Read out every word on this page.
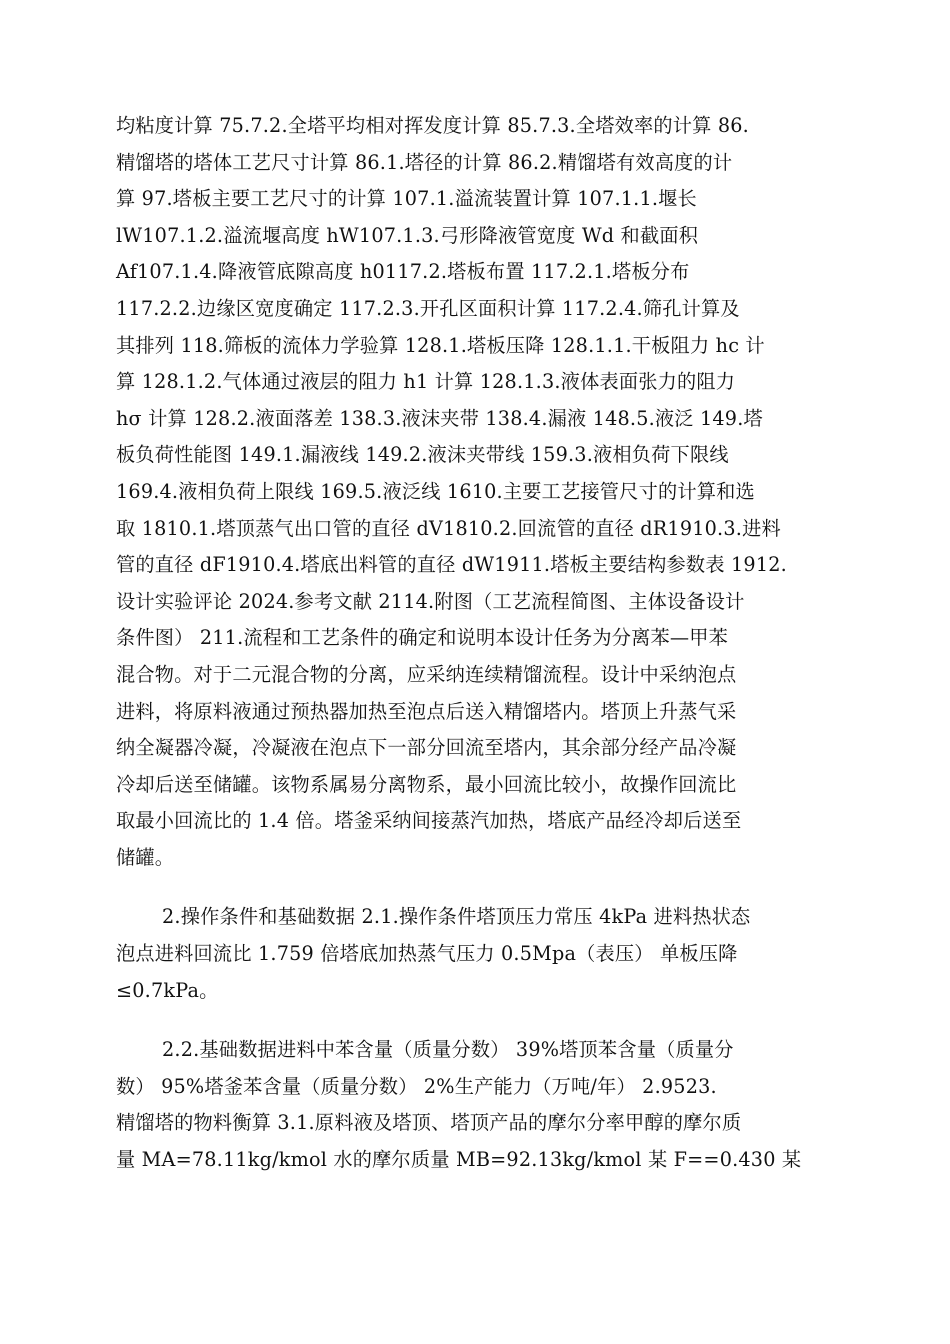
均粘度计算 75.7.2.全塔平均相对挥发度计算 85.7.3.全塔效率的计算 86.
精馏塔的塔体工艺尺寸计算 86.1.塔径的计算 86.2.精馏塔有效高度的计
算 97.塔板主要工艺尺寸的计算 107.1.溢流装置计算 107.1.1.堰长
lW107.1.2.溢流堰高度 hW107.1.3.弓形降液管宽度 Wd 和截面积
Af107.1.4.降液管底隙高度 h0117.2.塔板布置 117.2.1.塔板分布
117.2.2.边缘区宽度确定 117.2.3.开孔区面积计算 117.2.4.筛孔计算及
其排列 118.筛板的流体力学验算 128.1.塔板压降 128.1.1.干板阻力 hc 计
算 128.1.2.气体通过液层的阻力 h1 计算 128.1.3.液体表面张力的阻力
hσ 计算 128.2.液面落差 138.3.液沫夹带 138.4.漏液 148.5.液泛 149.塔
板负荷性能图 149.1.漏液线 149.2.液沫夹带线 159.3.液相负荷下限线
169.4.液相负荷上限线 169.5.液泛线 1610.主要工艺接管尺寸的计算和选
取 1810.1.塔顶蒸气出口管的直径 dV1810.2.回流管的直径 dR1910.3.进料
管的直径 dF1910.4.塔底出料管的直径 dW1911.塔板主要结构参数表 1912.
设计实验评论 2024.参考文献 2114.附图（工艺流程简图、主体设备设计
条件图） 211.流程和工艺条件的确定和说明本设计任务为分离苯—甲苯
混合物。对于二元混合物的分离，应采纳连续精馏流程。设计中采纳泡点
进料，将原料液通过预热器加热至泡点后送入精馏塔内。塔顶上升蒸气采
纳全凝器冷凝，冷凝液在泡点下一部分回流至塔内，其余部分经产品冷凝
冷却后送至储罐。该物系属易分离物系，最小回流比较小，故操作回流比
取最小回流比的 1.4 倍。塔釜采纳间接蒸汽加热，塔底产品经冷却后送至
储罐。
2.操作条件和基础数据 2.1.操作条件塔顶压力常压 4kPa 进料热状态
泡点进料回流比 1.759 倍塔底加热蒸气压力 0.5Mpa（表压） 单板压降
≤0.7kPa。
2.2.基础数据进料中苯含量（质量分数） 39%塔顶苯含量（质量分
数） 95%塔釜苯含量（质量分数） 2%生产能力（万吨/年） 2.9523.
精馏塔的物料衡算 3.1.原料液及塔顶、塔顶产品的摩尔分率甲醇的摩尔质
量 MA=78.11kg/kmol 水的摩尔质量 MB=92.13kg/kmol 某 F==0.430 某
